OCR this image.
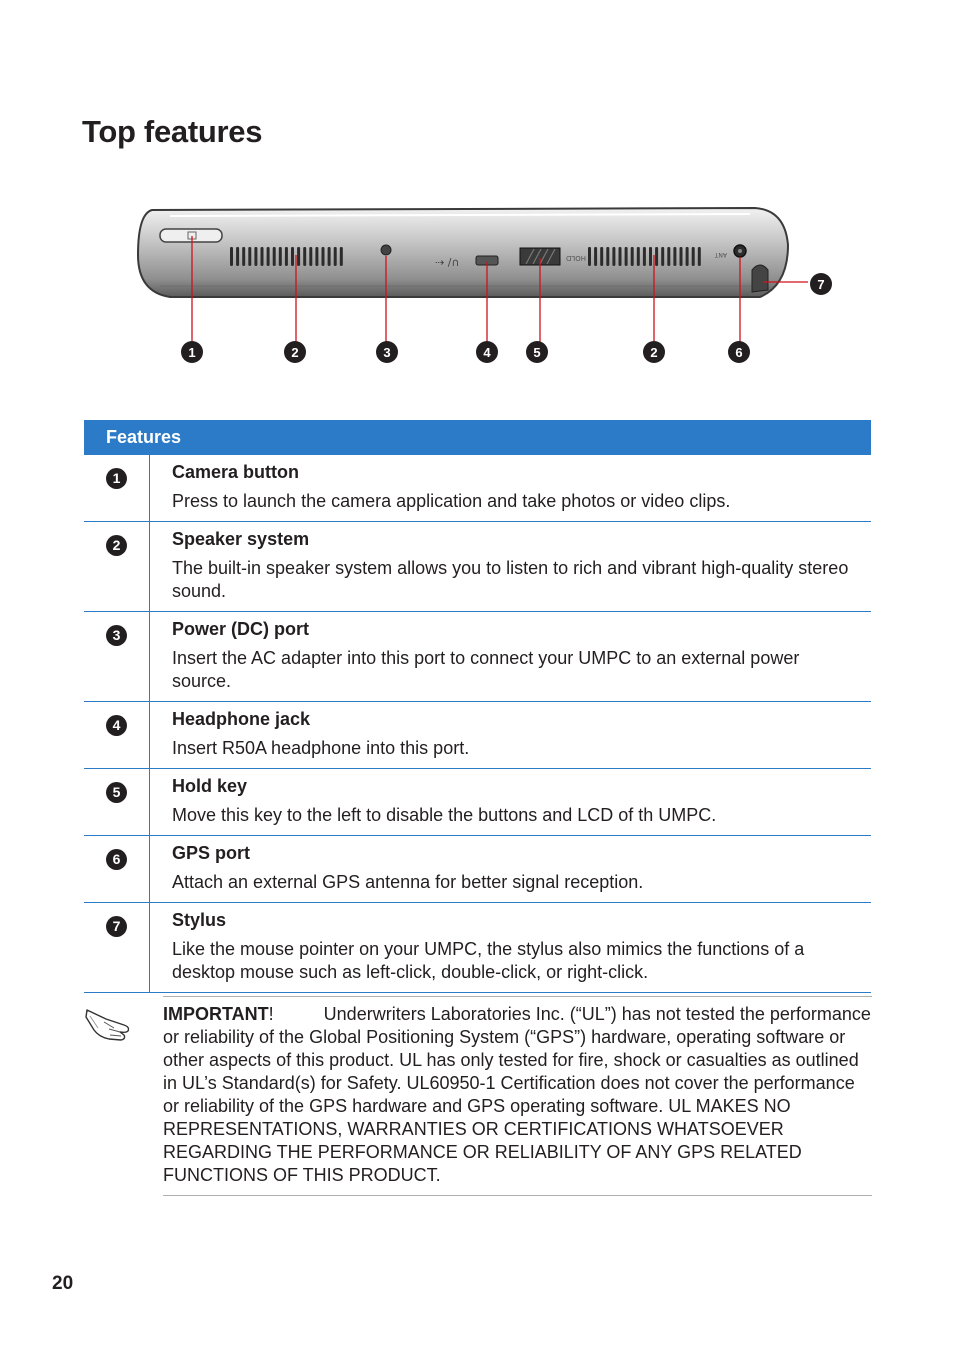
Top features
⇢ /∩	HOLD	ANT
1	2	3	4	5	2	6
7
Features	
1	Camera button
Press to launch the camera application and take photos or video clips.

2	Speaker system
The built-in speaker system allows you to listen to rich and vibrant high-quality stereo sound.

3	Power (DC) port
Insert the AC adapter into this port to connect your UMPC to an external power source.

4	Headphone jack
Insert R50A headphone into this port.

5	Hold key
Move this key to the left to disable the buttons and LCD of th UMPC.

6	GPS port
Attach an external GPS antenna for better signal reception.

7	Stylus
Like the mouse pointer on your UMPC, the stylus also mimics the functions of a desktop mouse such as left-click, double-click, or right-click.
IMPORTANT!	Underwriters Laboratories Inc. (“UL”) has not tested the performance or reliability of the Global Positioning System (“GPS”) hardware, operating software or other aspects of this product. UL has only tested for fire, shock or casualties as outlined in UL’s Standard(s) for Safety. UL60950-1 Certification does not cover the performance or reliability of the GPS hardware and GPS operating software. UL MAKES NO REPRESENTATIONS, WARRANTIES OR CERTIFICATIONS WHATSOEVER REGARDING THE PERFORMANCE OR RELIABILITY OF ANY GPS RELATED FUNCTIONS OF THIS PRODUCT.
20
